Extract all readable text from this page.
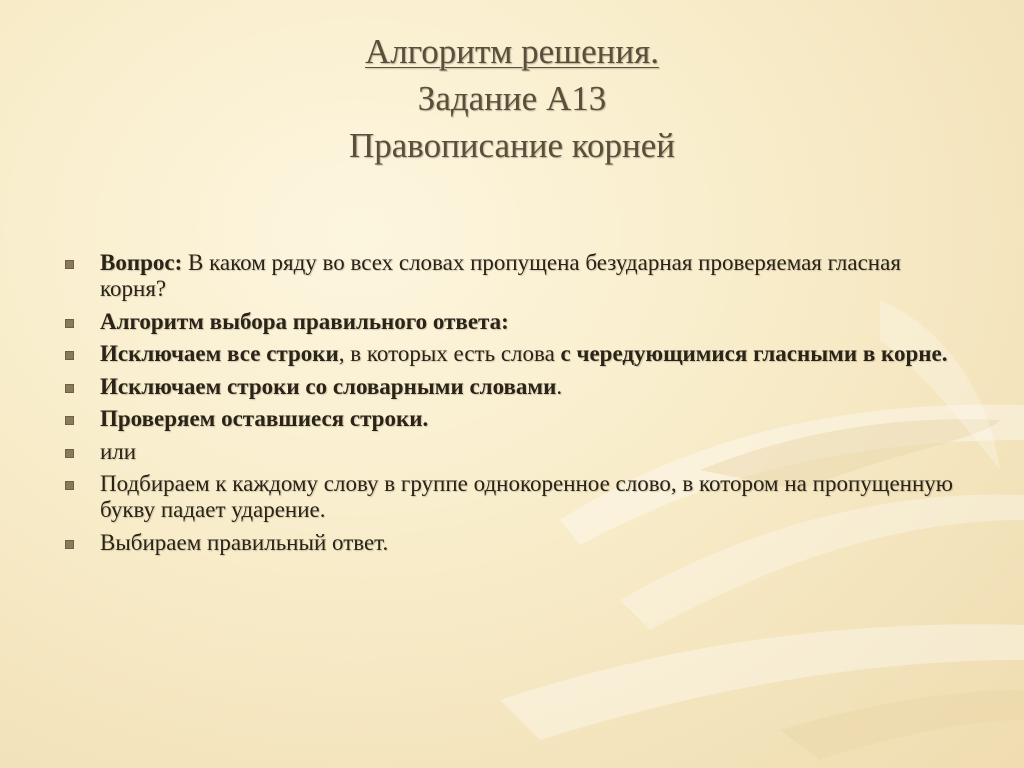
Алгоритм решения.
Задание А13
Правописание корней
Вопрос: В каком ряду во всех словах пропущена безударная проверяемая гласная корня?
Алгоритм выбора правильного ответа:
Исключаем все строки, в которых есть слова с чередующимися гласными в корне.
Исключаем строки со словарными словами.
Проверяем оставшиеся строки.
или
Подбираем к каждому слову в группе однокоренное слово, в котором на пропущенную букву падает ударение.
Выбираем правильный ответ.
